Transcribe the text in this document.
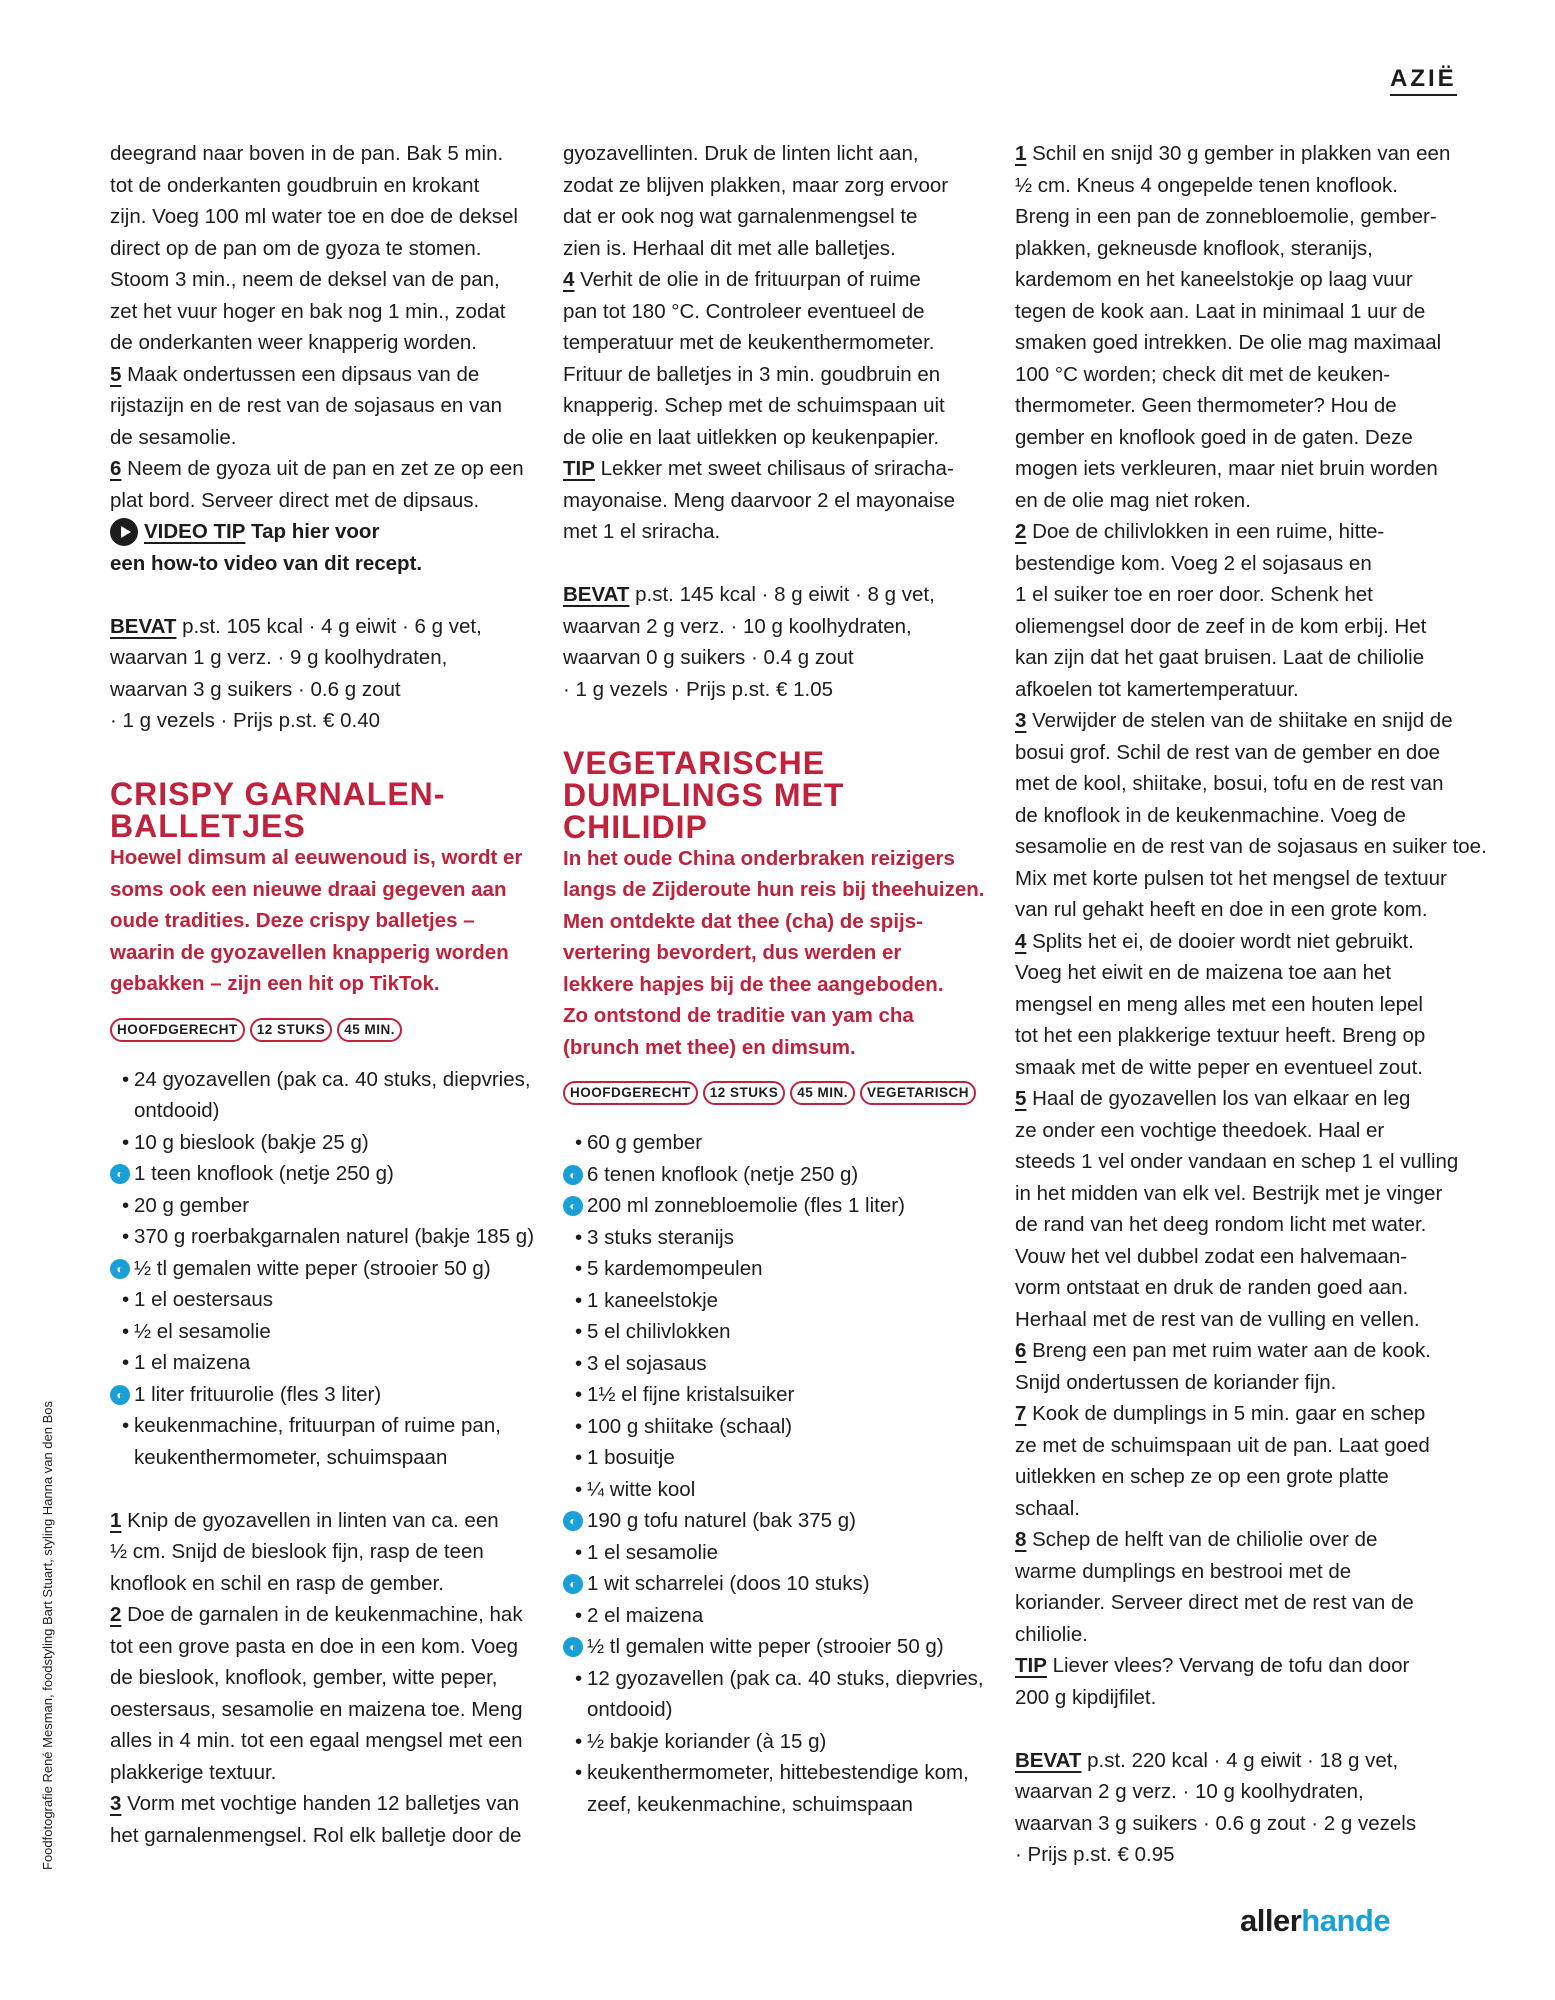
AZIË
Foodfotografie René Mesman, foodstyling Bart Stuart, styling Hanna van den Bos
deegrand naar boven in de pan. Bak 5 min.
tot de onderkanten goudbruin en krokant
zijn. Voeg 100 ml water toe en doe de deksel
direct op de pan om de gyoza te stomen.
Stoom 3 min., neem de deksel van de pan,
zet het vuur hoger en bak nog 1 min., zodat
de onderkanten weer knapperig worden.
5 Maak ondertussen een dipsaus van de
rijstazijn en de rest van de sojasaus en van
de sesamolie.
6 Neem de gyoza uit de pan en zet ze op een
plat bord. Serveer direct met de dipsaus.
VIDEO TIP
Tap hier voor
een how-to video van dit recept.
BEVAT p.st. 105 kcal · 4 g eiwit · 6 g vet,
waarvan 1 g verz. · 9 g koolhydraten,
waarvan 3 g suikers · 0.6 g zout
· 1 g vezels · Prijs p.st. € 0.40
CRISPY GARNALEN-
BALLETJES
Hoewel dimsum al eeuwenoud is, wordt er
soms ook een nieuwe draai gegeven aan
oude tradities. Deze crispy balletjes –
waarin de gyozavellen knapperig worden
gebakken – zijn een hit op TikTok.
HOOFDGERECHT	12 STUKS	45 MIN.
•
24 gyozavellen (pak ca. 40 stuks, diepvries,
ontdooid)
•
10 g bieslook (bakje 25 g)
◐ 1 teen knoflook (netje 250 g)
•
20 g gember
•
370 g roerbakgarnalen naturel (bakje 185 g)
◐ ½ tl gemalen witte peper (strooier 50 g)
•
1 el oestersaus
•
½ el sesamolie
•
1 el maizena
◐ 1 liter frituurolie (fles 3 liter)
•
keukenmachine, frituurpan of ruime pan,
keukenthermometer, schuimspaan
1 Knip de gyozavellen in linten van ca. een
½ cm. Snijd de bieslook fijn, rasp de teen
knoflook en schil en rasp de gember.
2 Doe de garnalen in de keukenmachine, hak
tot een grove pasta en doe in een kom. Voeg
de bieslook, knoflook, gember, witte peper,
oestersaus, sesamolie en maizena toe. Meng
alles in 4 min. tot een egaal mengsel met een
plakkerige textuur.
3 Vorm met vochtige handen 12 balletjes van
het garnalenmengsel. Rol elk balletje door de
gyozavellinten. Druk de linten licht aan,
zodat ze blijven plakken, maar zorg ervoor
dat er ook nog wat garnalenmengsel te
zien is. Herhaal dit met alle balletjes.
4 Verhit de olie in de frituurpan of ruime
pan tot 180 °C. Controleer eventueel de
temperatuur met de keukenthermometer.
Frituur de balletjes in 3 min. goudbruin en
knapperig. Schep met de schuimspaan uit
de olie en laat uitlekken op keukenpapier.
TIP Lekker met sweet chilisaus of sriracha-
mayonaise. Meng daarvoor 2 el mayonaise
met 1 el sriracha.
BEVAT p.st. 145 kcal · 8 g eiwit · 8 g vet,
waarvan 2 g verz. · 10 g koolhydraten,
waarvan 0 g suikers · 0.4 g zout
· 1 g vezels · Prijs p.st. € 1.05
VEGETARISCHE
DUMPLINGS MET
CHILIDIP
In het oude China onderbraken reizigers
langs de Zijderoute hun reis bij theehuizen.
Men ontdekte dat thee (cha) de spijs-
vertering bevordert, dus werden er
lekkere hapjes bij de thee aangeboden.
Zo ontstond de traditie van yam cha
(brunch met thee) en dimsum.
HOOFDGERECHT	12 STUKS	45 MIN.	VEGETARISCH
•
60 g gember
◐ 6 tenen knoflook (netje 250 g)
◐ 200 ml zonnebloemolie (fles 1 liter)
•
3 stuks steranijs
•
5 kardemompeulen
•
1 kaneelstokje
•
5 el chilivlokken
•
3 el sojasaus
•
1½ el fijne kristalsuiker
•
100 g shiitake (schaal)
•
1 bosuitje
•
¼ witte kool
◐ 190 g tofu naturel (bak 375 g)
•
1 el sesamolie
◐ 1 wit scharrelei (doos 10 stuks)
•
2 el maizena
◐ ½ tl gemalen witte peper (strooier 50 g)
•
12 gyozavellen (pak ca. 40 stuks, diepvries,
ontdooid)
•
½ bakje koriander (à 15 g)
•
keukenthermometer, hittebestendige kom,
zeef, keukenmachine, schuimspaan
1 Schil en snijd 30 g gember in plakken van een
½ cm. Kneus 4 ongepelde tenen knoflook.
Breng in een pan de zonnebloemolie, gember-
plakken, gekneusde knoflook, steranijs,
kardemom en het kaneelstokje op laag vuur
tegen de kook aan. Laat in minimaal 1 uur de
smaken goed intrekken. De olie mag maximaal
100 °C worden; check dit met de keuken-
thermometer. Geen thermometer? Hou de
gember en knoflook goed in de gaten. Deze
mogen iets verkleuren, maar niet bruin worden
en de olie mag niet roken.
2 Doe de chilivlokken in een ruime, hitte-
bestendige kom. Voeg 2 el sojasaus en
1 el suiker toe en roer door. Schenk het
oliemengsel door de zeef in de kom erbij. Het
kan zijn dat het gaat bruisen. Laat de chiliolie
afkoelen tot kamertemperatuur.
3 Verwijder de stelen van de shiitake en snijd de
bosui grof. Schil de rest van de gember en doe
met de kool, shiitake, bosui, tofu en de rest van
de knoflook in de keukenmachine. Voeg de
sesamolie en de rest van de sojasaus en suiker toe.
Mix met korte pulsen tot het mengsel de textuur
van rul gehakt heeft en doe in een grote kom.
4 Splits het ei, de dooier wordt niet gebruikt.
Voeg het eiwit en de maizena toe aan het
mengsel en meng alles met een houten lepel
tot het een plakkerige textuur heeft. Breng op
smaak met de witte peper en eventueel zout.
5 Haal de gyozavellen los van elkaar en leg
ze onder een vochtige theedoek. Haal er
steeds 1 vel onder vandaan en schep 1 el vulling
in het midden van elk vel. Bestrijk met je vinger
de rand van het deeg rondom licht met water.
Vouw het vel dubbel zodat een halvemaan-
vorm ontstaat en druk de randen goed aan.
Herhaal met de rest van de vulling en vellen.
6 Breng een pan met ruim water aan de kook.
Snijd ondertussen de koriander fijn.
7 Kook de dumplings in 5 min. gaar en schep
ze met de schuimspaan uit de pan. Laat goed
uitlekken en schep ze op een grote platte
schaal.
8 Schep de helft van de chiliolie over de
warme dumplings en bestrooi met de
koriander. Serveer direct met de rest van de
chiliolie.
TIP Liever vlees? Vervang de tofu dan door
200 g kipdijfilet.
BEVAT p.st. 220 kcal · 4 g eiwit · 18 g vet,
waarvan 2 g verz. · 10 g koolhydraten,
waarvan 3 g suikers · 0.6 g zout · 2 g vezels
· Prijs p.st. € 0.95
allerhande
